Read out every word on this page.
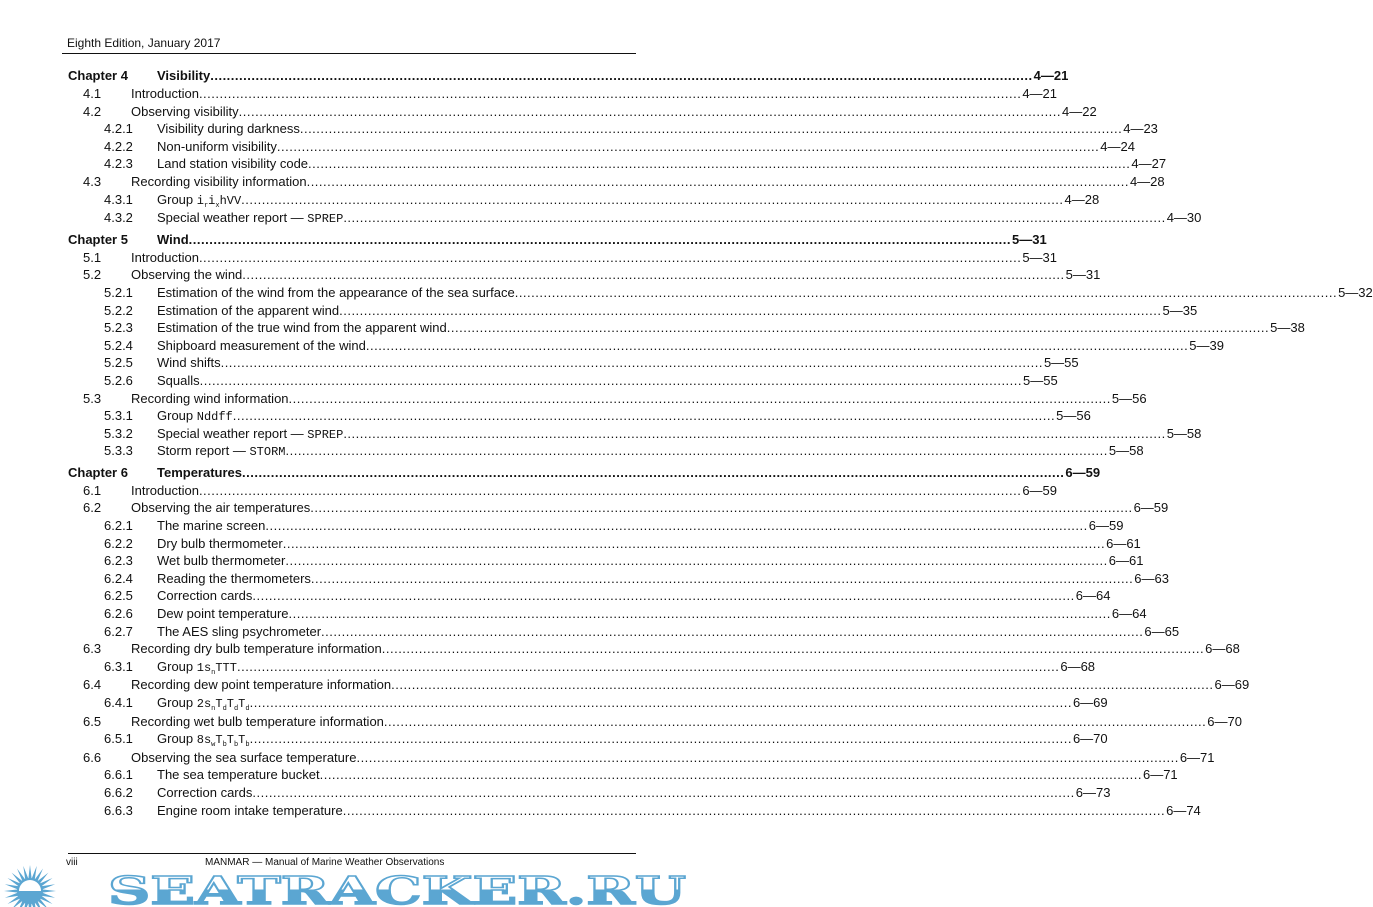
Eighth Edition, January 2017
Chapter 4 Visibility ........................................................................................................................................................................................................ 4—21
4.1 Introduction ........................................................................................................................................................................................................ 4—21
4.2 Observing visibility ........................................................................................................................................................................................................ 4—22
4.2.1 Visibility during darkness ........................................................................................................................................................................................................ 4—23
4.2.2 Non-uniform visibility ........................................................................................................................................................................................................ 4—24
4.2.3 Land station visibility code ........................................................................................................................................................................................................ 4—27
4.3 Recording visibility information ........................................................................................................................................................................................................ 4—28
4.3.1 Group $i_ri_xhVV$ ........................................................................................................................................................................................................ 4—28
4.3.2 Special weather report — SPREP ........................................................................................................................................................................................................ 4—30
Chapter 5 Wind ........................................................................................................................................................................................................ 5—31
5.1 Introduction ........................................................................................................................................................................................................ 5—31
5.2 Observing the wind ........................................................................................................................................................................................................ 5—31
5.2.1 Estimation of the wind from the appearance of the sea surface ........................................................................................................................................................................................................ 5—32
5.2.2 Estimation of the apparent wind ........................................................................................................................................................................................................ 5—35
5.2.3 Estimation of the true wind from the apparent wind ........................................................................................................................................................................................................ 5—38
5.2.4 Shipboard measurement of the wind ........................................................................................................................................................................................................ 5—39
5.2.5 Wind shifts ........................................................................................................................................................................................................ 5—55
5.2.6 Squalls ........................................................................................................................................................................................................ 5—55
5.3 Recording wind information ........................................................................................................................................................................................................ 5—56
5.3.1 Group Nddff ........................................................................................................................................................................................................ 5—56
5.3.2 Special weather report — SPREP ........................................................................................................................................................................................................ 5—58
5.3.3 Storm report — STORM ........................................................................................................................................................................................................ 5—58
Chapter 6 Temperatures ........................................................................................................................................................................................................ 6—59
6.1 Introduction ........................................................................................................................................................................................................ 6—59
6.2 Observing the air temperatures ........................................................................................................................................................................................................ 6—59
6.2.1 The marine screen ........................................................................................................................................................................................................ 6—59
6.2.2 Dry bulb thermometer ........................................................................................................................................................................................................ 6—61
6.2.3 Wet bulb thermometer ........................................................................................................................................................................................................ 6—61
6.2.4 Reading the thermometers ........................................................................................................................................................................................................ 6—63
6.2.5 Correction cards ........................................................................................................................................................................................................ 6—64
6.2.6 Dew point temperature ........................................................................................................................................................................................................ 6—64
6.2.7 The AES sling psychrometer ........................................................................................................................................................................................................ 6—65
6.3 Recording dry bulb temperature information ........................................................................................................................................................................................................ 6—68
6.3.1 Group $1s_nTTT$ ........................................................................................................................................................................................................ 6—68
6.4 Recording dew point temperature information ........................................................................................................................................................................................................ 6—69
6.4.1 Group $2s_nT_dT_dT_d$ ........................................................................................................................................................................................................ 6—69
6.5 Recording wet bulb temperature information ........................................................................................................................................................................................................ 6—70
6.5.1 Group $8s_wT_bT_bT_b$ ........................................................................................................................................................................................................ 6—70
6.6 Observing the sea surface temperature ........................................................................................................................................................................................................ 6—71
6.6.1 The sea temperature bucket ........................................................................................................................................................................................................ 6—71
6.6.2 Correction cards ........................................................................................................................................................................................................ 6—73
6.6.3 Engine room intake temperature ........................................................................................................................................................................................................ 6—74
viii	MANMAR — Manual of Marine Weather Observations
SEATRACKER.RU
